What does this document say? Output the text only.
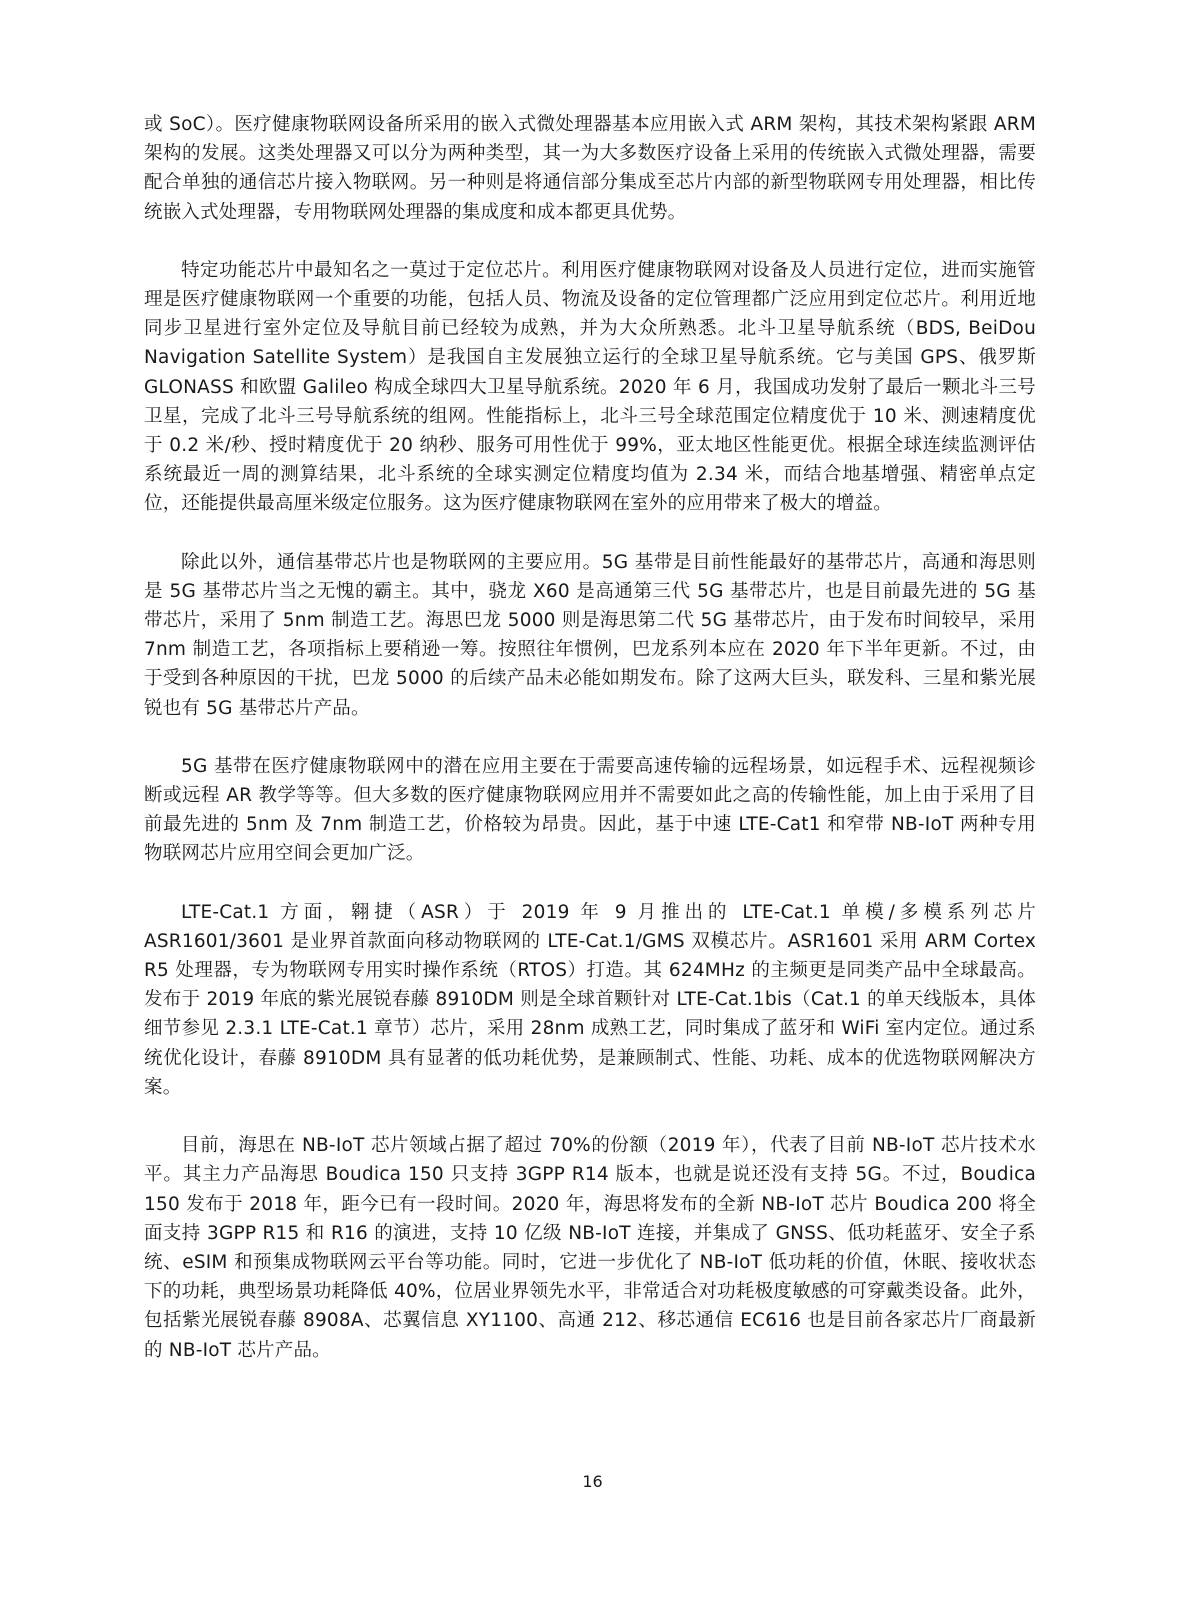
或 SoC）。医疗健康物联网设备所采用的嵌入式微处理器基本应用嵌入式 ARM 架构，其技术架构紧跟 ARM 架构的发展。这类处理器又可以分为两种类型，其一为大多数医疗设备上采用的传统嵌入式微处理器，需要配合单独的通信芯片接入物联网。另一种则是将通信部分集成至芯片内部的新型物联网专用处理器，相比传统嵌入式处理器，专用物联网处理器的集成度和成本都更具优势。

特定功能芯片中最知名之一莫过于定位芯片。利用医疗健康物联网对设备及人员进行定位，进而实施管理是医疗健康物联网一个重要的功能，包括人员、物流及设备的定位管理都广泛应用到定位芯片。利用近地同步卫星进行室外定位及导航目前已经较为成熟，并为大众所熟悉。北斗卫星导航系统（BDS, BeiDou Navigation Satellite System）是我国自主发展独立运行的全球卫星导航系统。它与美国 GPS、俄罗斯 GLONASS 和欧盟 Galileo 构成全球四大卫星导航系统。2020 年 6 月，我国成功发射了最后一颗北斗三号卫星，完成了北斗三号导航系统的组网。性能指标上，北斗三号全球范围定位精度优于 10 米、测速精度优于 0.2 米/秒、授时精度优于 20 纳秒、服务可用性优于 99%，亚太地区性能更优。根据全球连续监测评估系统最近一周的测算结果，北斗系统的全球实测定位精度均值为 2.34 米，而结合地基增强、精密单点定位，还能提供最高厘米级定位服务。这为医疗健康物联网在室外的应用带来了极大的增益。

除此以外，通信基带芯片也是物联网的主要应用。5G 基带是目前性能最好的基带芯片，高通和海思则是 5G 基带芯片当之无愧的霸主。其中，骁龙 X60 是高通第三代 5G 基带芯片，也是目前最先进的 5G 基带芯片，采用了 5nm 制造工艺。海思巴龙 5000 则是海思第二代 5G 基带芯片，由于发布时间较早，采用 7nm 制造工艺，各项指标上要稍逊一筹。按照往年惯例，巴龙系列本应在 2020 年下半年更新。不过，由于受到各种原因的干扰，巴龙 5000 的后续产品未必能如期发布。除了这两大巨头，联发科、三星和紫光展锐也有 5G 基带芯片产品。

5G 基带在医疗健康物联网中的潜在应用主要在于需要高速传输的远程场景，如远程手术、远程视频诊断或远程 AR 教学等等。但大多数的医疗健康物联网应用并不需要如此之高的传输性能，加上由于采用了目前最先进的 5nm 及 7nm 制造工艺，价格较为昂贵。因此，基于中速 LTE-Cat1 和窄带 NB-IoT 两种专用物联网芯片应用空间会更加广泛。

LTE-Cat.1 方面，翱捷（ASR）于 2019 年 9 月推出的 LTE-Cat.1 单模/多模系列芯片 ASR1601/3601 是业界首款面向移动物联网的 LTE-Cat.1/GMS 双模芯片。ASR1601 采用 ARM Cortex R5 处理器，专为物联网专用实时操作系统（RTOS）打造。其 624MHz 的主频更是同类产品中全球最高。发布于 2019 年底的紫光展锐春藤 8910DM 则是全球首颗针对 LTE-Cat.1bis（Cat.1 的单天线版本，具体细节参见 2.3.1 LTE-Cat.1 章节）芯片，采用 28nm 成熟工艺，同时集成了蓝牙和 WiFi 室内定位。通过系统优化设计，春藤 8910DM 具有显著的低功耗优势，是兼顾制式、性能、功耗、成本的优选物联网解决方案。

目前，海思在 NB-IoT 芯片领域占据了超过 70%的份额（2019 年），代表了目前 NB-IoT 芯片技术水平。其主力产品海思 Boudica 150 只支持 3GPP R14 版本，也就是说还没有支持 5G。不过，Boudica 150 发布于 2018 年，距今已有一段时间。2020 年，海思将发布的全新 NB-IoT 芯片 Boudica 200 将全面支持 3GPP R15 和 R16 的演进，支持 10 亿级 NB-IoT 连接，并集成了 GNSS、低功耗蓝牙、安全子系统、eSIM 和预集成物联网云平台等功能。同时，它进一步优化了 NB-IoT 低功耗的价值，休眠、接收状态下的功耗，典型场景功耗降低 40%，位居业界领先水平，非常适合对功耗极度敏感的可穿戴类设备。此外，包括紫光展锐春藤 8908A、芯翼信息 XY1100、高通 212、移芯通信 EC616 也是目前各家芯片厂商最新的 NB-IoT 芯片产品。

16
